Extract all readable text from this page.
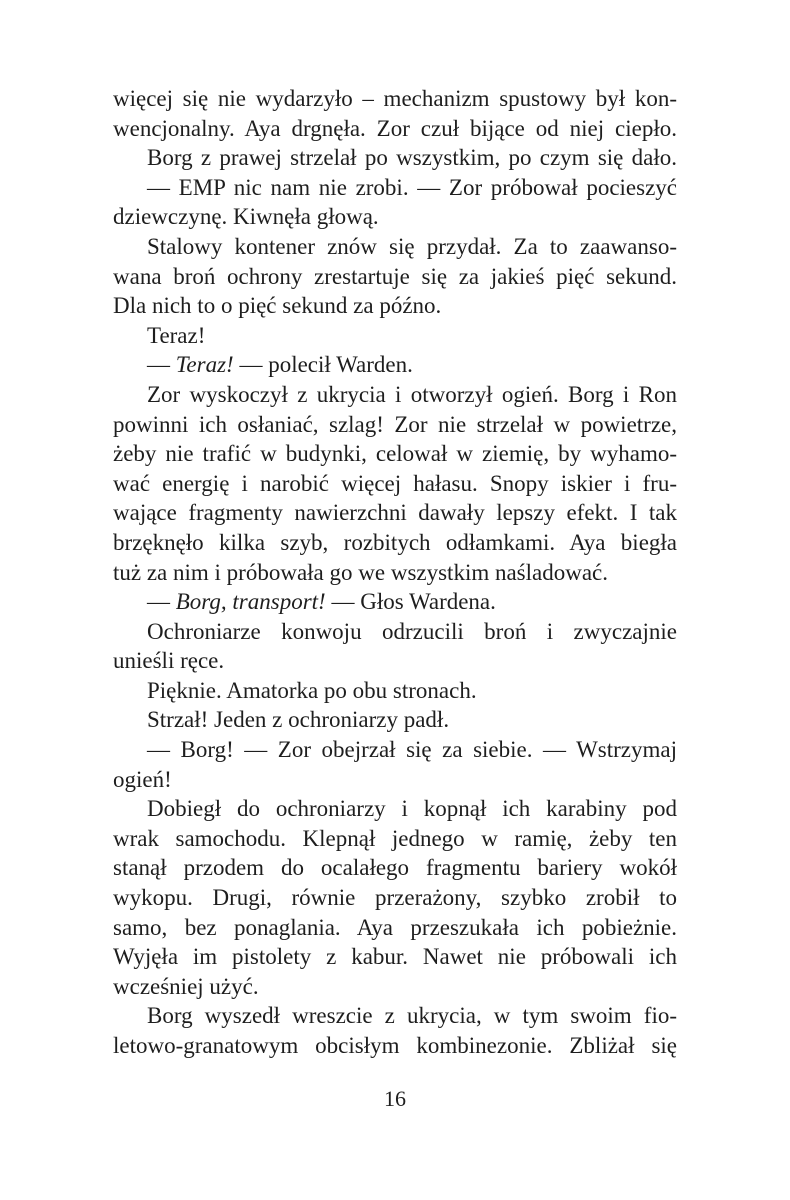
więcej się nie wydarzyło – mechanizm spustowy był kon-
wencjonalny. Aya drgnęła. Zor czuł bijące od niej ciepło.
Borg z prawej strzelał po wszystkim, po czym się dało.
— EMP nic nam nie zrobi. — Zor próbował pocieszyć
dziewczynę. Kiwnęła głową.
Stalowy kontener znów się przydał. Za to zaawanso-
wana broń ochrony zrestartuje się za jakieś pięć sekund.
Dla nich to o pięć sekund za późno.
Teraz!
— Teraz! — polecił Warden.
Zor wyskoczył z ukrycia i otworzył ogień. Borg i Ron
powinni ich osłaniać, szlag! Zor nie strzelał w powietrze,
żeby nie trafić w budynki, celował w ziemię, by wyhamo-
wać energię i narobić więcej hałasu. Snopy iskier i fru-
wające fragmenty nawierzchni dawały lepszy efekt. I tak
brzęknęło kilka szyb, rozbitych odłamkami. Aya biegła
tuż za nim i próbowała go we wszystkim naśladować.
— Borg, transport! — Głos Wardena.
Ochroniarze konwoju odrzucili broń i zwyczajnie
unieśli ręce.
Pięknie. Amatorka po obu stronach.
Strzał! Jeden z ochroniarzy padł.
— Borg! — Zor obejrzał się za siebie. — Wstrzymaj
ogień!
Dobiegł do ochroniarzy i kopnął ich karabiny pod
wrak samochodu. Klepnął jednego w ramię, żeby ten
stanął przodem do ocalałego fragmentu bariery wokół
wykopu. Drugi, równie przerażony, szybko zrobił to
samo, bez ponaglania. Aya przeszukała ich pobieżnie.
Wyjęła im pistolety z kabur. Nawet nie próbowali ich
wcześniej użyć.
Borg wyszedł wreszcie z ukrycia, w tym swoim fio-
letowo-granatowym obcisłym kombinezonie. Zbliżał się
16
